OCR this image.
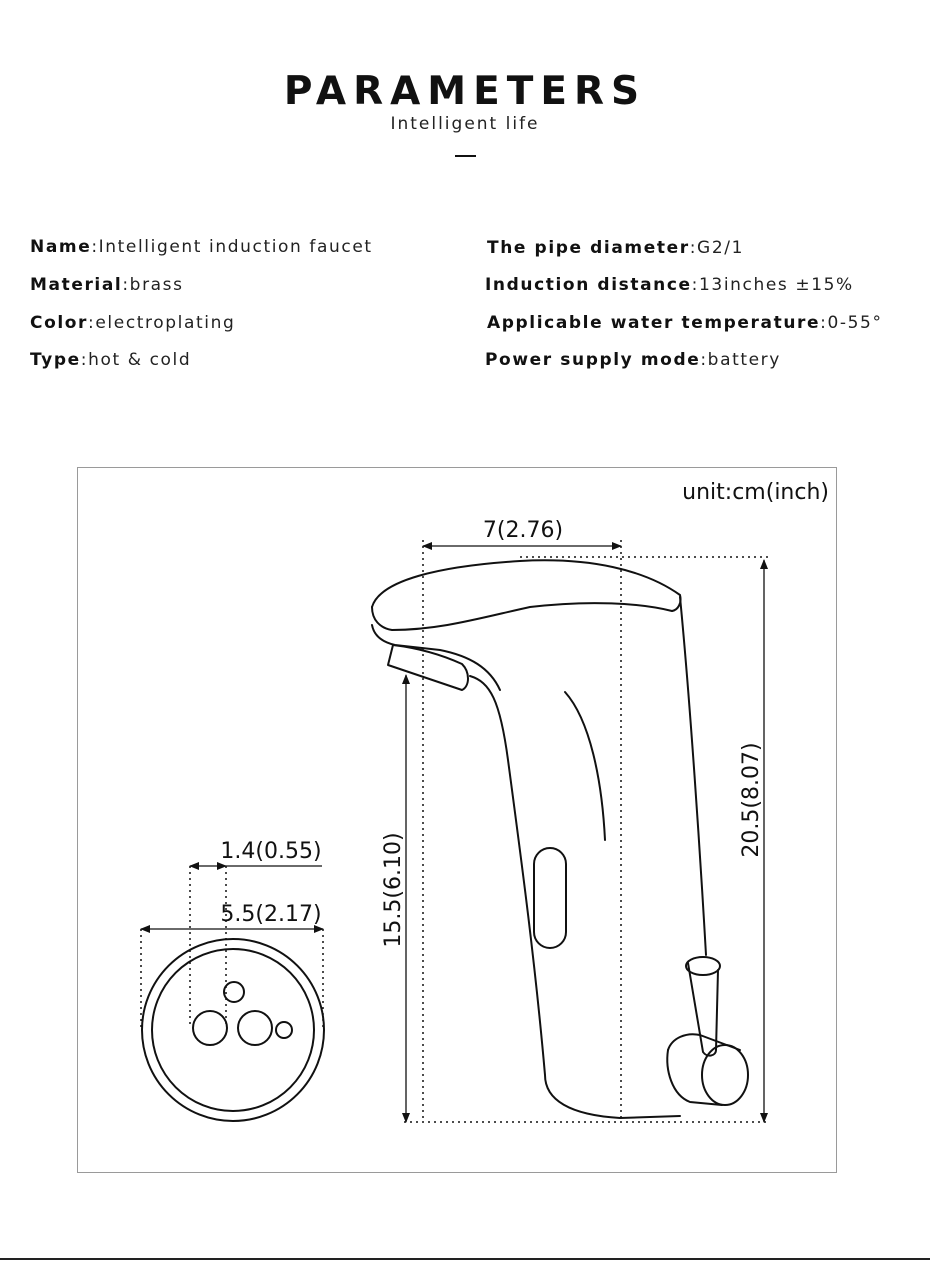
PARAMETERS
Intelligent life
Name:Intelligent induction faucet
Material:brass
Color:electroplating
Type:hot & cold
The pipe diameter:G2/1
Induction distance:13inches ±15%
Applicable water temperature:0-55°
Power supply mode:battery
unit:cm(inch)
7(2.76)
20.5(8.07)
15.5(6.10)
1.4(0.55)
5.5(2.17)
